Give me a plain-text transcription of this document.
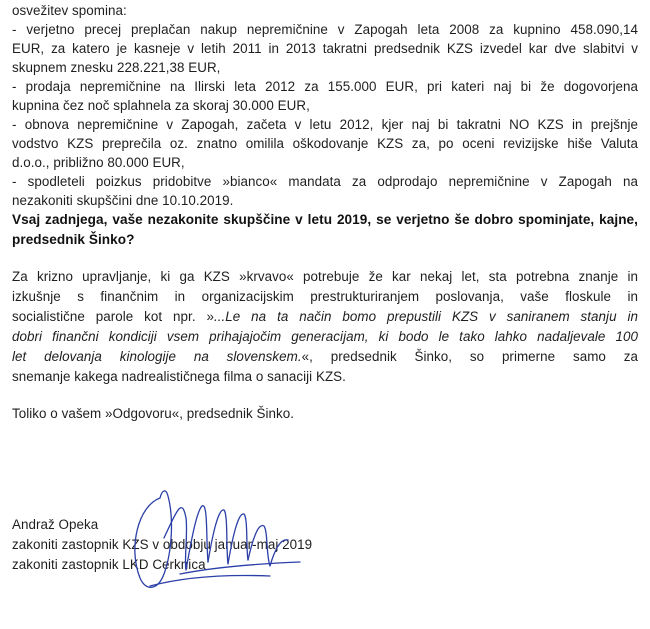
osvežitev spomina:
- verjetno precej preplačan nakup nepremičnine v Zapogah leta 2008 za kupnino 458.090,14
EUR, za katero je kasneje v letih 2011 in 2013 takratni predsednik KZS izvedel kar dve slabitvi v
skupnem znesku 228.221,38 EUR,
- prodaja nepremičnine na Ilirski leta 2012 za 155.000 EUR, pri kateri naj bi že dogovorjena
kupnina čez noč splahnela za skoraj 30.000 EUR,
- obnova nepremičnine v Zapogah, začeta v letu 2012, kjer naj bi takratni NO KZS in prejšnje
vodstvo KZS preprečila oz. znatno omilila oškodovanje KZS za, po oceni revizijske hiše Valuta
d.o.o., približno 80.000 EUR,
- spodleteli poizkus pridobitve »bianco« mandata za odprodajo nepremičnine v Zapogah na
nezakoniti skupščini dne 10.10.2019.
Vsaj zadnjega, vaše nezakonite skupščine v letu 2019, se verjetno še dobro spominjate, kajne,
predsednik Šinko?
Za krizno upravljanje, ki ga KZS »krvavo« potrebuje že kar nekaj let, sta potrebna znanje in
izkušnje s finančnim in organizacijskim prestrukturiranjem poslovanja, vaše floskule in
socialistične parole kot npr. »...Le na ta način bomo prepustili KZS v saniranem stanju in
dobri finančni kondiciji vsem prihajajočim generacijam, ki bodo le tako lahko nadaljevale 100
let delovanja kinologije na slovenskem.«, predsednik Šinko, so primerne samo za
snemanje kakega nadrealističnega filma o sanaciji KZS.
Toliko o vašem »Odgovoru«, predsednik Šinko.
Andraž Opeka
zakoniti zastopnik KZS v obdobju januar-maj 2019
zakoniti zastopnik LKD Cerknica
